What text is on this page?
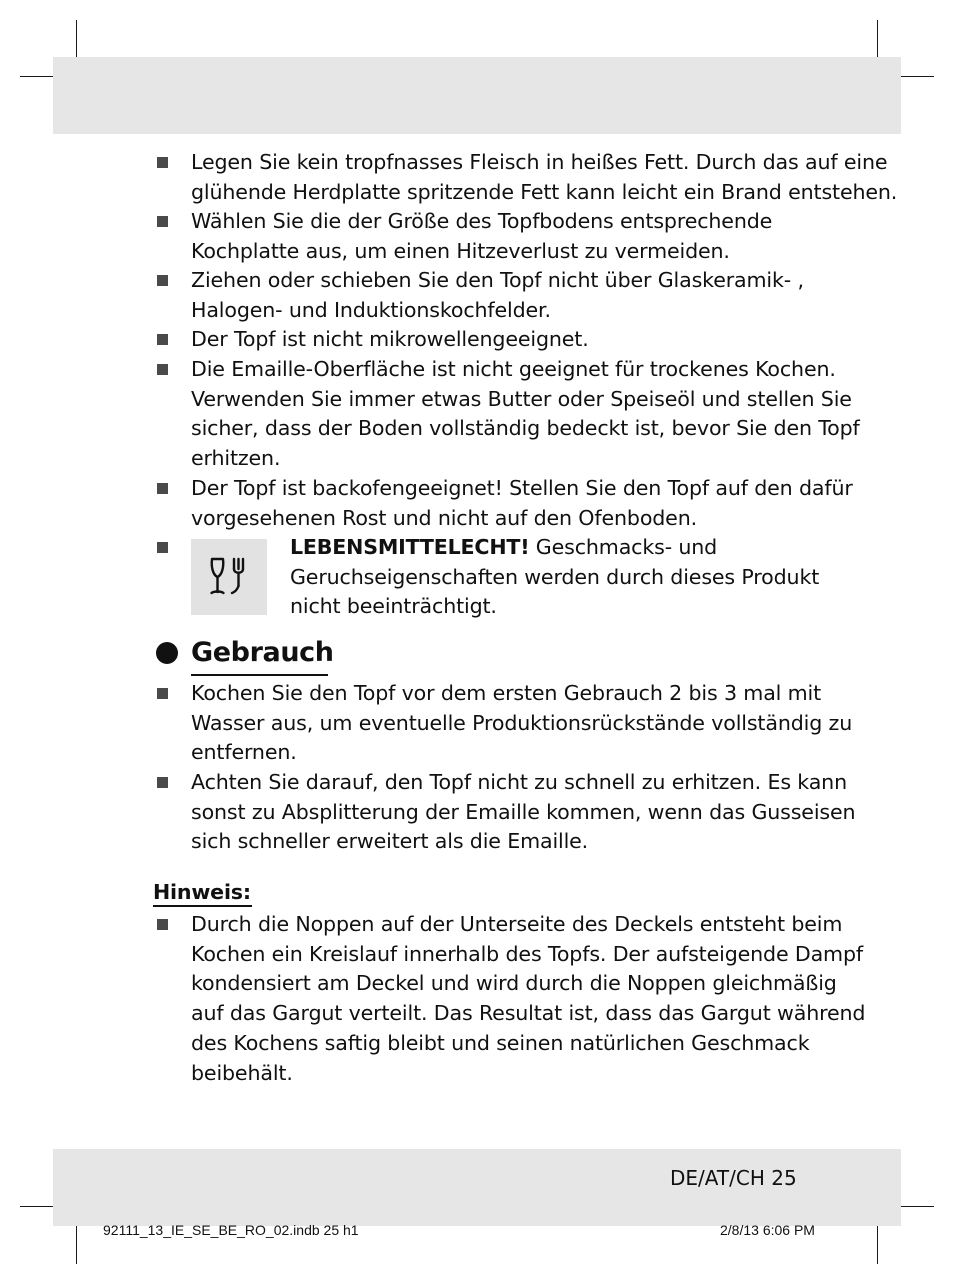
Legen Sie kein tropfnasses Fleisch in heißes Fett. Durch das auf eine
glühende Herdplatte spritzende Fett kann leicht ein Brand entstehen.
Wählen Sie die der Größe des Topfbodens entsprechende
Kochplatte aus, um einen Hitzeverlust zu vermeiden.
Ziehen oder schieben Sie den Topf nicht über Glaskeramik- ,
Halogen- und Induktionskochfelder.
Der Topf ist nicht mikrowellengeeignet.
Die Emaille-Oberfläche ist nicht geeignet für trockenes Kochen.
Verwenden Sie immer etwas Butter oder Speiseöl und stellen Sie
sicher, dass der Boden vollständig bedeckt ist, bevor Sie den Topf
erhitzen.
Der Topf ist backofengeeignet! Stellen Sie den Topf auf den dafür
vorgesehenen Rost und nicht auf den Ofenboden.
LEBENSMITTELECHT! Geschmacks- und
Geruchseigenschaften werden durch dieses Produkt
nicht beeinträchtigt.
Gebrauch
Kochen Sie den Topf vor dem ersten Gebrauch 2 bis 3 mal mit
Wasser aus, um eventuelle Produktionsrückstände vollständig zu
entfernen.
Achten Sie darauf, den Topf nicht zu schnell zu erhitzen. Es kann
sonst zu Absplitterung der Emaille kommen, wenn das Gusseisen
sich schneller erweitert als die Emaille.
Hinweis:
Durch die Noppen auf der Unterseite des Deckels entsteht beim
Kochen ein Kreislauf innerhalb des Topfs. Der aufsteigende Dampf
kondensiert am Deckel und wird durch die Noppen gleichmäßig
auf das Gargut verteilt. Das Resultat ist, dass das Gargut während
des Kochens saftig bleibt und seinen natürlichen Geschmack
beibehält.
DE/AT/CH 25
92111_13_IE_SE_BE_RO_02.indb 25 h1	2/8/13 6:06 PM
